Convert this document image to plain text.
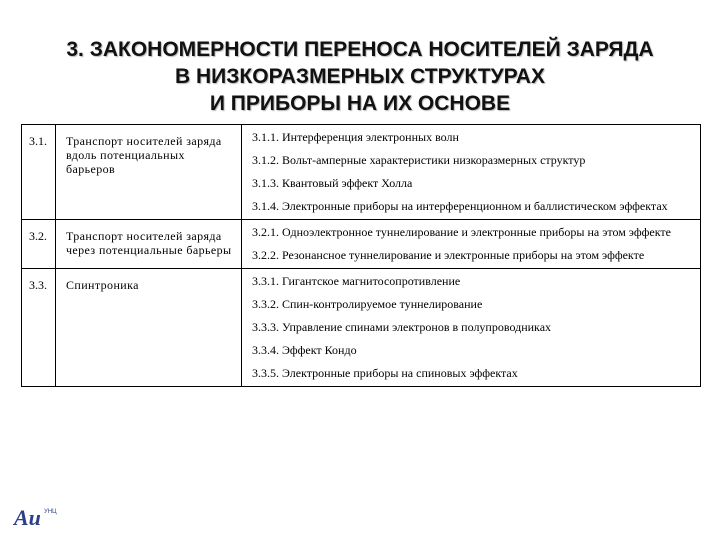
3. ЗАКОНОМЕРНОСТИ ПЕРЕНОСА НОСИТЕЛЕЙ ЗАРЯДА
В НИЗКОРАЗМЕРНЫХ СТРУКТУРАХ
И ПРИБОРЫ НА ИХ ОСНОВЕ
3.1.	Транспорт носителей заряда вдоль потенциальных барьеров
3.1.1. Интерференция электронных волн
3.1.2. Вольт-амперные характеристики низкоразмерных структур
3.1.3. Квантовый эффект Холла
3.1.4. Электронные приборы на интерференционном и баллистическом эффектах
3.2.	Транспорт носителей заряда через потенциальные барьеры
3.2.1. Одноэлектронное туннелирование и электронные приборы на этом эффекте
3.2.2. Резонансное туннелирование и электронные приборы на этом эффекте
3.3.	Спинтроника	3.3.1. Гигантское магнитосопротивление
3.3.2. Спин-контролируемое туннелирование
3.3.3. Управление спинами электронов в полупроводниках
3.3.4. Эффект Кондо
3.3.5. Электронные приборы на спиновых эффектах
Au УНЦ
